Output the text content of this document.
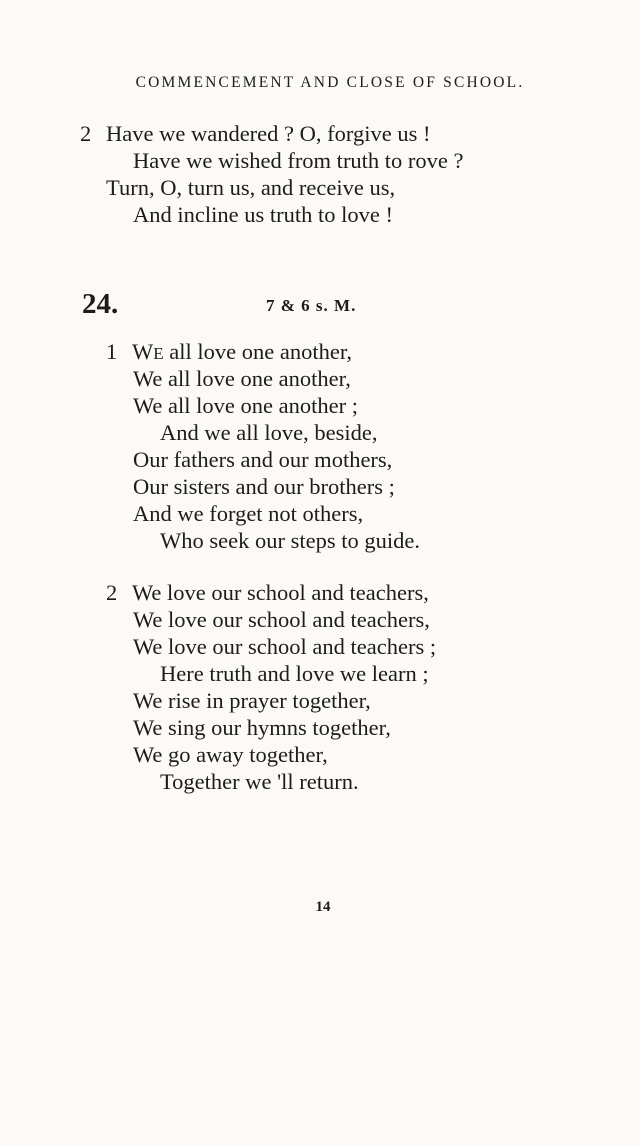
COMMENCEMENT AND CLOSE OF SCHOOL.
2 Have we wandered ? O, forgive us !
Have we wished from truth to rove ?
Turn, O, turn us, and receive us,
And incline us truth to love !
24.	7 & 6 s. M.
1 WE all love one another,
We all love one another,
We all love one another ;
And we all love, beside,
Our fathers and our mothers,
Our sisters and our brothers ;
And we forget not others,
Who seek our steps to guide.
2 We love our school and teachers,
We love our school and teachers,
We love our school and teachers ;
Here truth and love we learn ;
We rise in prayer together,
We sing our hymns together,
We go away together,
Together we 'll return.
14
